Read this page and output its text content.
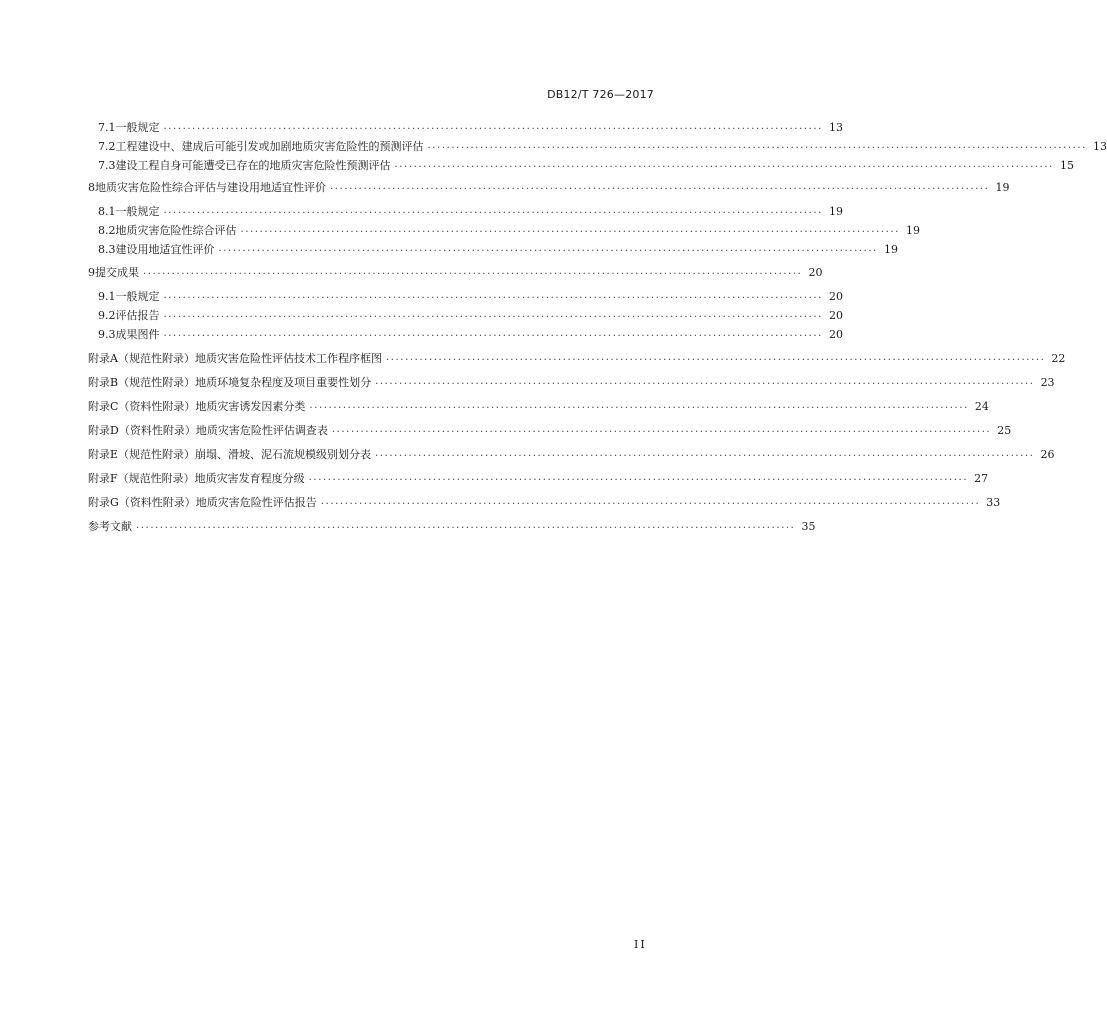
DB12/T 726—2017
7.1 一般规定 .......................................................................................................................................... 13
7.2 工程建设中、建成后可能引发或加剧地质灾害危险性的预测评估 .......................................................................................................................................... 13
7.3 建设工程自身可能遭受已存在的地质灾害危险性预测评估 .......................................................................................................................................... 15
8 地质灾害危险性综合评估与建设用地适宜性评价 .......................................................................................................................................... 19
8.1 一般规定 .......................................................................................................................................... 19
8.2 地质灾害危险性综合评估 .......................................................................................................................................... 19
8.3 建设用地适宜性评价 .......................................................................................................................................... 19
9 提交成果 .......................................................................................................................................... 20
9.1 一般规定 .......................................................................................................................................... 20
9.2 评估报告 .......................................................................................................................................... 20
9.3 成果图件 .......................................................................................................................................... 20
附录A（规范性附录） 地质灾害危险性评估技术工作程序框图 .......................................................................................................................................... 22
附录B（规范性附录） 地质环境复杂程度及项目重要性划分 .......................................................................................................................................... 23
附录C（资料性附录） 地质灾害诱发因素分类 .......................................................................................................................................... 24
附录D（资料性附录） 地质灾害危险性评估调查表 .......................................................................................................................................... 25
附录E（规范性附录） 崩塌、滑坡、泥石流规模级别划分表 .......................................................................................................................................... 26
附录F（规范性附录） 地质灾害发育程度分级 .......................................................................................................................................... 27
附录G（资料性附录） 地质灾害危险性评估报告 .......................................................................................................................................... 33
参考文献 .......................................................................................................................................... 35
II
